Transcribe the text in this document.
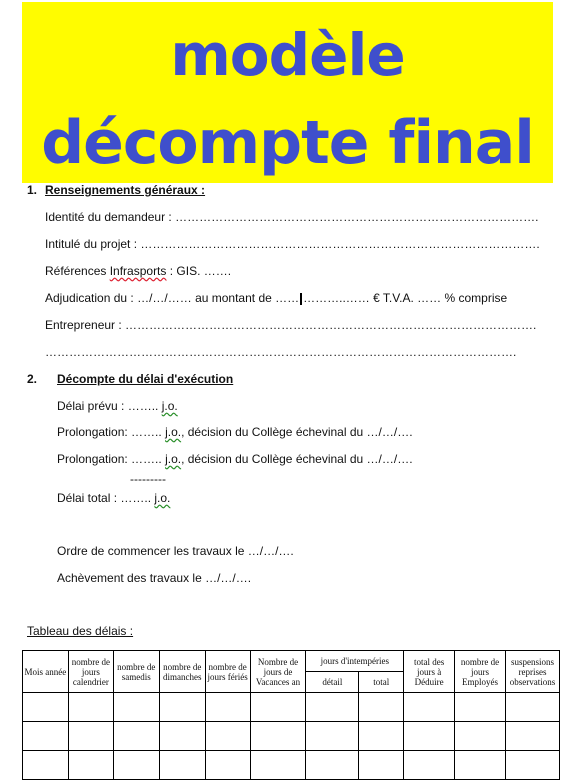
modèle
décompte final
1. Renseignements généraux :
Identité du demandeur : ……………………………………………………………………………….
Intitulé du projet : ……………………………………………………………………………………….
Références Infrasports : GIS. …….
Adjudication du : …/…/…… au montant de …… ………..…… € T.V.A. …… % comprise
Entrepreneur : ………………………………………………………………………………………….
……………………………………………………………………………………………………….
2. Décompte du délai d'exécution
Délai prévu : …….. j.o.
Prolongation: …….. j.o., décision du Collège échevinal du …/…/….
Prolongation: …….. j.o., décision du Collège échevinal du …/…/….
---------
Délai total : …….. j.o.
Ordre de commencer les travaux le …/…/….
Achèvement des travaux le …/…/….
Tableau des délais :
Mois année	nombre de jours calendrier	nombre de samedis	nombre de dimanches	nombre de jours fériés	Nombre de jours de Vacances an	jours d'intempéries		total des jours à Déduire	nombre de jours Employés	suspensions reprises observations
						détail	total			
